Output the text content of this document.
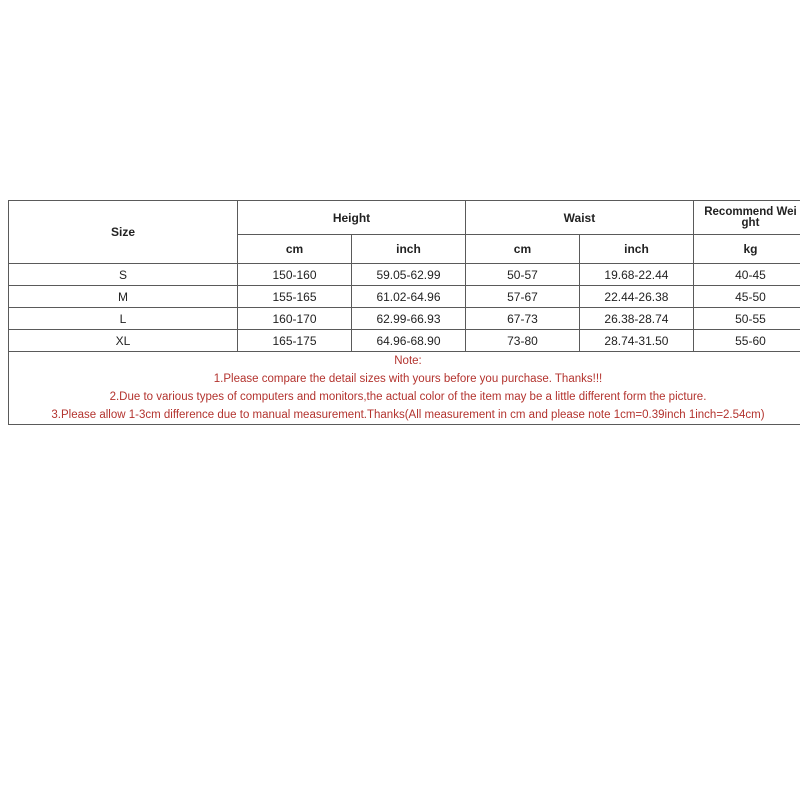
Size	Height		Waist		Recommend Wei
ght
	cm	inch	cm	inch	kg
S	150-160	59.05-62.99	50-57	19.68-22.44	40-45
M	155-165	61.02-64.96	57-67	22.44-26.38	45-50
L	160-170	62.99-66.93	67-73	26.38-28.74	50-55
XL	165-175	64.96-68.90	73-80	28.74-31.50	55-60

Note:
1.Please compare the detail sizes with yours before you purchase. Thanks!!!
2.Due to various types of computers and monitors,the actual color of the item may be a little different form the picture.
3.Please allow 1-3cm difference due to manual measurement.Thanks(All measurement in cm and please note 1cm=0.39inch 1inch=2.54cm)					
